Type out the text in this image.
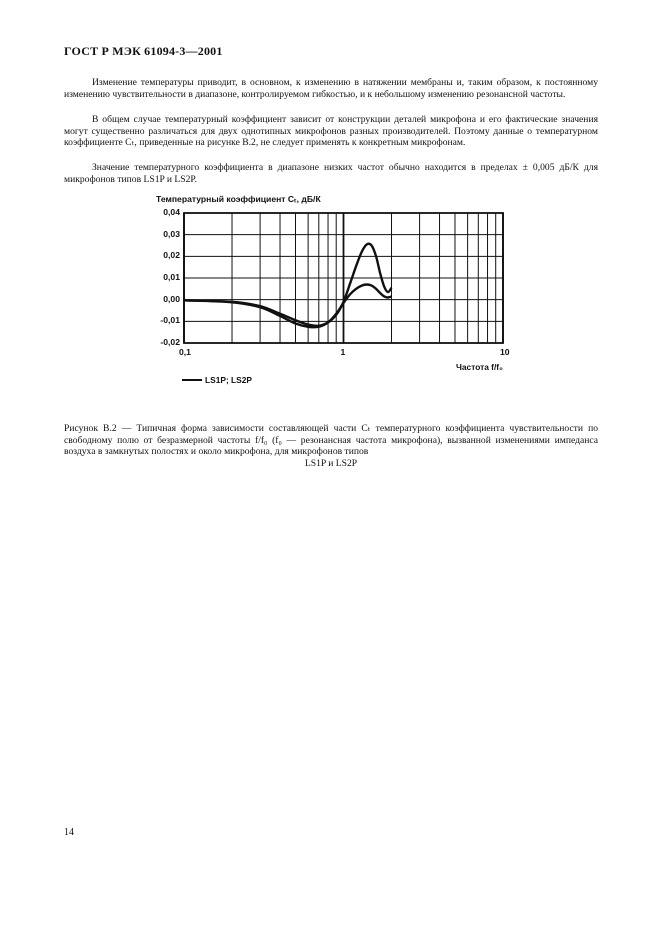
ГОСТ Р МЭК 61094-3—2001

Изменение температуры приводит, в основном, к изменению в натяжении мембраны и, таким образом, к постоянному изменению чувствительности в диапазоне, контролируемом гибкостью, и к небольшому изменению резонансной частоты.

В общем случае температурный коэффициент зависит от конструкции деталей микрофона и его фактические значения могут существенно различаться для двух однотипных микрофонов разных производителей. Поэтому данные о температурном коэффициенте Cₜ, приведенные на рисунке B.2, не следует применять к конкретным микрофонам.

Значение температурного коэффициента в диапазоне низких частот обычно находится в пределах ± 0,005 дБ/К для микрофонов типов LS1P и LS2P.

Температурный коэффициент Cₜ, дБ/К
0,04
0,03
0,02
0,01
0,00
-0,01
-0,02
0,1	1	10
Частота f/f₀
LS1P; LS2P
Рисунок B.2 — Типичная форма зависимости составляющей части Cₜ температурного коэффициента чувствительности по свободному полю от безразмерной частоты f/f₀ (f₀ — резонансная частота микрофона), вызванной изменениями импеданса воздуха в замкнутых полостях и около микрофона, для микрофонов типов
LS1P и LS2P
14
